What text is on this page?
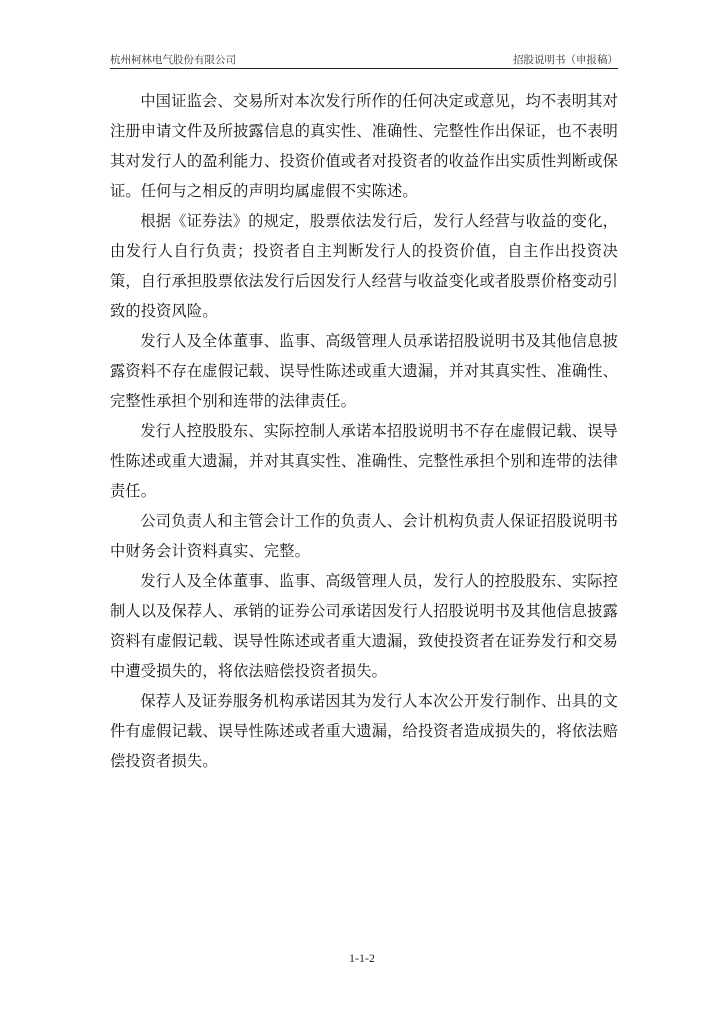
杭州柯林电气股份有限公司	招股说明书（申报稿）

中国证监会、交易所对本次发行所作的任何决定或意见，均不表明其对注册申请文件及所披露信息的真实性、准确性、完整性作出保证，也不表明其对发行人的盈利能力、投资价值或者对投资者的收益作出实质性判断或保证。任何与之相反的声明均属虚假不实陈述。

根据《证券法》的规定，股票依法发行后，发行人经营与收益的变化，由发行人自行负责；投资者自主判断发行人的投资价值，自主作出投资决策，自行承担股票依法发行后因发行人经营与收益变化或者股票价格变动引致的投资风险。

发行人及全体董事、监事、高级管理人员承诺招股说明书及其他信息披露资料不存在虚假记载、误导性陈述或重大遗漏，并对其真实性、准确性、完整性承担个别和连带的法律责任。

发行人控股股东、实际控制人承诺本招股说明书不存在虚假记载、误导性陈述或重大遗漏，并对其真实性、准确性、完整性承担个别和连带的法律责任。

公司负责人和主管会计工作的负责人、会计机构负责人保证招股说明书中财务会计资料真实、完整。

发行人及全体董事、监事、高级管理人员，发行人的控股股东、实际控制人以及保荐人、承销的证券公司承诺因发行人招股说明书及其他信息披露资料有虚假记载、误导性陈述或者重大遗漏，致使投资者在证券发行和交易中遭受损失的，将依法赔偿投资者损失。

保荐人及证券服务机构承诺因其为发行人本次公开发行制作、出具的文件有虚假记载、误导性陈述或者重大遗漏，给投资者造成损失的，将依法赔偿投资者损失。

1-1-2
